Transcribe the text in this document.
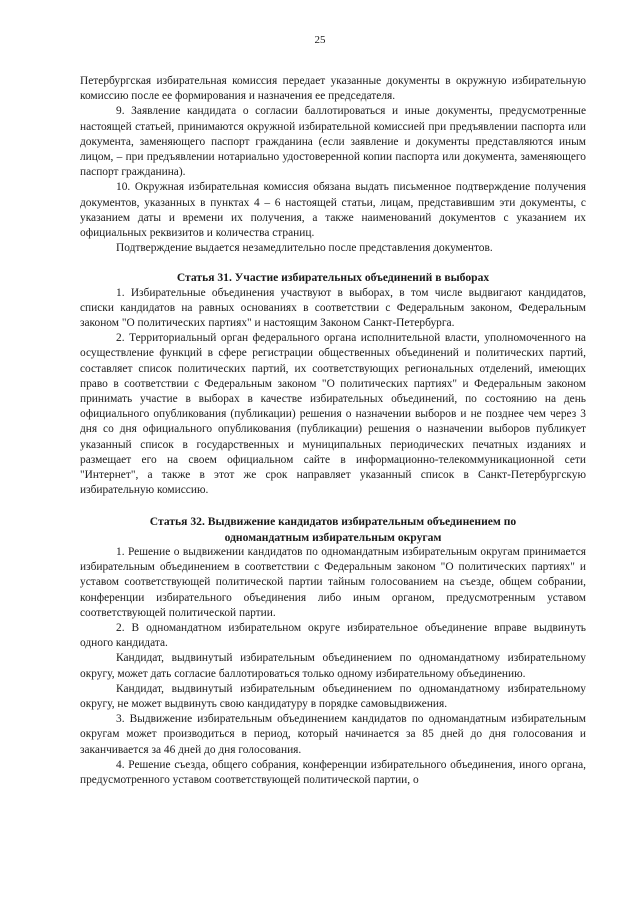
25

Петербургская избирательная комиссия передает указанные документы в окружную избирательную комиссию после ее формирования и назначения ее председателя.

9. Заявление кандидата о согласии баллотироваться и иные документы, предусмотренные настоящей статьей, принимаются окружной избирательной комиссией при предъявлении паспорта или документа, заменяющего паспорт гражданина (если заявление и документы представляются иным лицом, – при предъявлении нотариально удостоверенной копии паспорта или документа, заменяющего паспорт гражданина).

10. Окружная избирательная комиссия обязана выдать письменное подтверждение получения документов, указанных в пунктах 4 – 6 настоящей статьи, лицам, представившим эти документы, с указанием даты и времени их получения, а также наименований документов с указанием их официальных реквизитов и количества страниц.

Подтверждение выдается незамедлительно после представления документов.

Статья 31. Участие избирательных объединений в выборах

1. Избирательные объединения участвуют в выборах, в том числе выдвигают кандидатов, списки кандидатов на равных основаниях в соответствии с Федеральным законом, Федеральным законом "О политических партиях" и настоящим Законом Санкт-Петербурга.

2. Территориальный орган федерального органа исполнительной власти, уполномоченного на осуществление функций в сфере регистрации общественных объединений и политических партий, составляет список политических партий, их соответствующих региональных отделений, имеющих право в соответствии с Федеральным законом "О политических партиях" и Федеральным законом принимать участие в выборах в качестве избирательных объединений, по состоянию на день официального опубликования (публикации) решения о назначении выборов и не позднее чем через 3 дня со дня официального опубликования (публикации) решения о назначении выборов публикует указанный список в государственных и муниципальных периодических печатных изданиях и размещает его на своем официальном сайте в информационно-телекоммуникационной сети "Интернет", а также в этот же срок направляет указанный список в Санкт-Петербургскую избирательную комиссию.

Статья 32. Выдвижение кандидатов избирательным объединением по
одномандатным избирательным округам

1. Решение о выдвижении кандидатов по одномандатным избирательным округам принимается избирательным объединением в соответствии с Федеральным законом "О политических партиях" и уставом соответствующей политической партии тайным голосованием на съезде, общем собрании, конференции избирательного объединения либо иным органом, предусмотренным уставом соответствующей политической партии.

2. В одномандатном избирательном округе избирательное объединение вправе выдвинуть одного кандидата.

Кандидат, выдвинутый избирательным объединением по одномандатному избирательному округу, может дать согласие баллотироваться только одному избирательному объединению.

Кандидат, выдвинутый избирательным объединением по одномандатному избирательному округу, не может выдвинуть свою кандидатуру в порядке самовыдвижения.

3. Выдвижение избирательным объединением кандидатов по одномандатным избирательным округам может производиться в период, который начинается за 85 дней до дня голосования и заканчивается за 46 дней до дня голосования.

4. Решение съезда, общего собрания, конференции избирательного объединения, иного органа, предусмотренного уставом соответствующей политической партии, о
